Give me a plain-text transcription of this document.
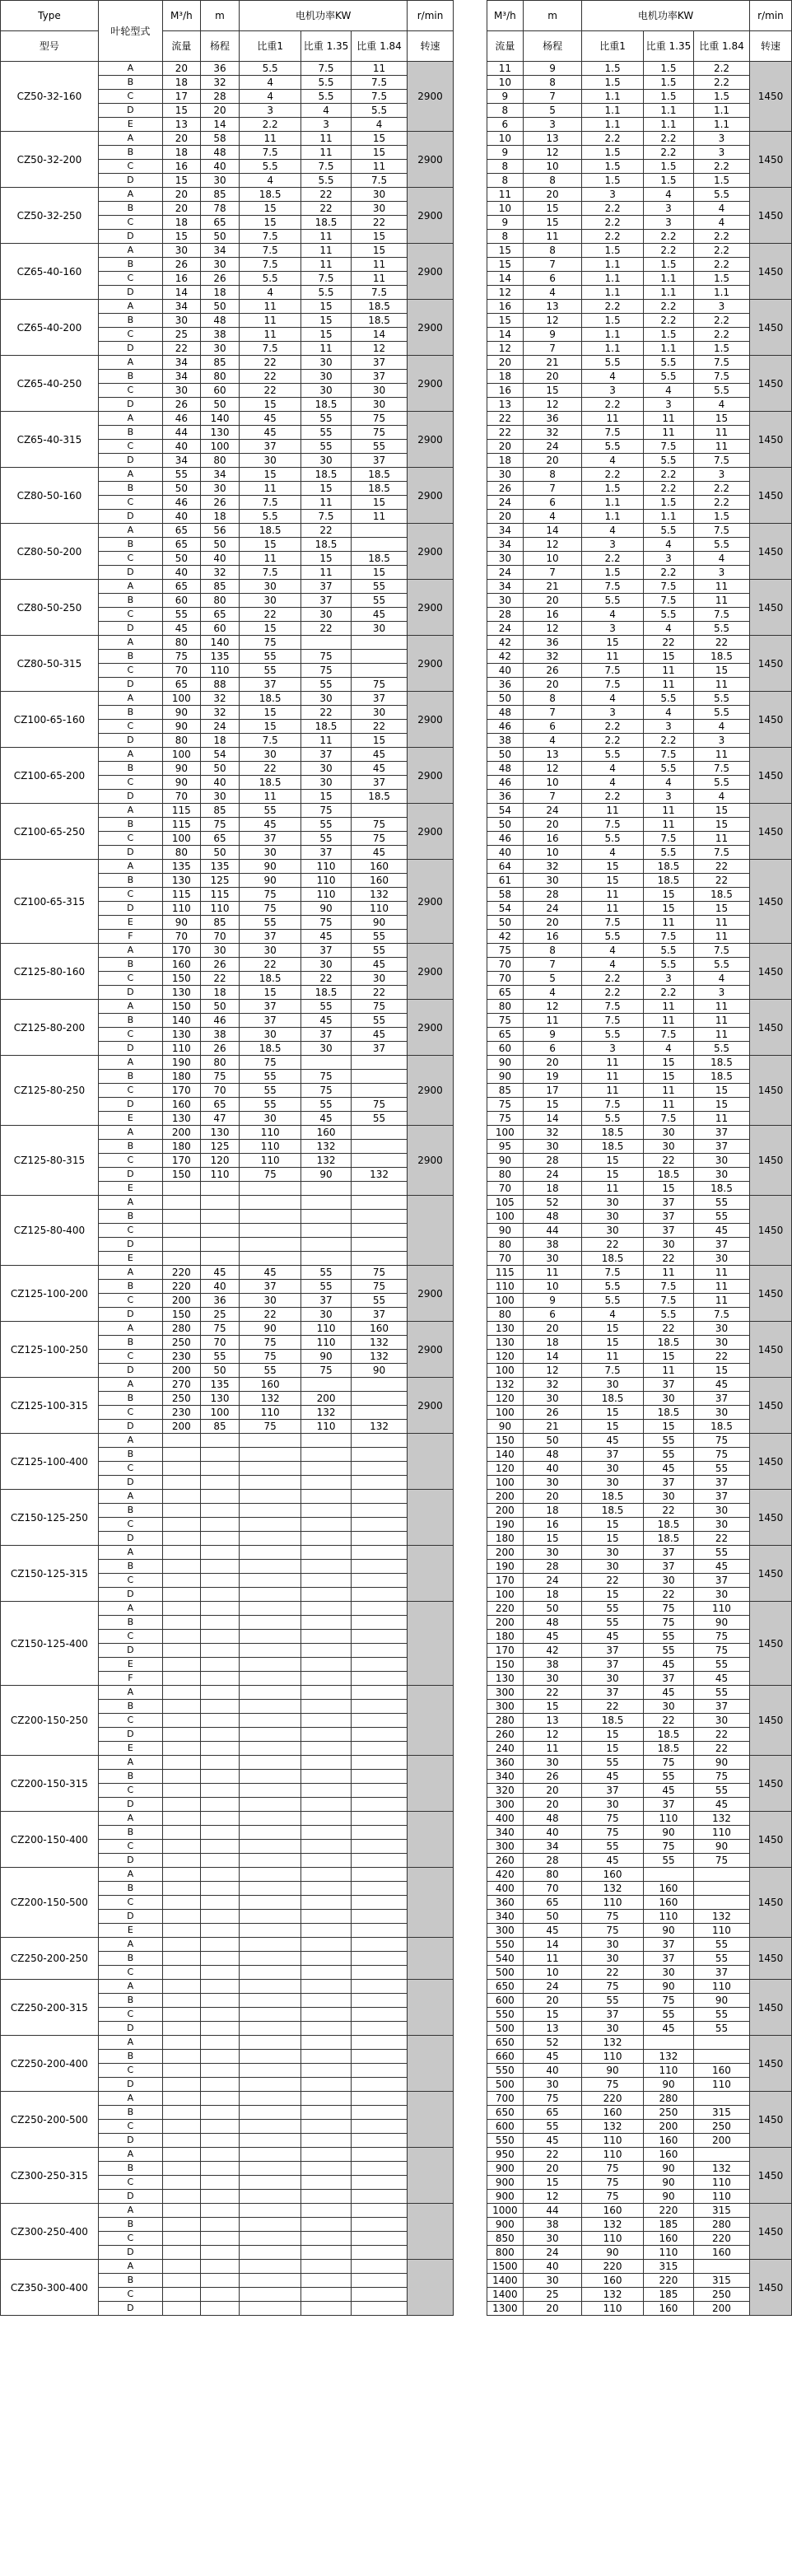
Type	叶轮型式	M³/h	m	电机功率KW			r/min		M³/h	m	电机功率KW			r/min
型号		流量	杨程	比重1	比重 1.35	比重 1.84	转速		流量	杨程	比重1	比重 1.35	比重 1.84	转速
CZ50-32-160	A	20	36	5.5	7.5	11	2900		11	9	1.5	1.5	2.2	1450
	B	18	32	4	5.5	7.5			10	8	1.5	1.5	2.2	
	C	17	28	4	5.5	7.5			9	7	1.1	1.5	1.5	
	D	15	20	3	4	5.5			8	5	1.1	1.1	1.1	
	E	13	14	2.2	3	4			6	3	1.1	1.1	1.1	
CZ50-32-200	A	20	58	11	11	15	2900		10	13	2.2	2.2	3	1450
	B	18	48	7.5	11	15			9	12	1.5	2.2	3	
	C	16	40	5.5	7.5	11			8	10	1.5	1.5	2.2	
	D	15	30	4	5.5	7.5			8	8	1.5	1.5	1.5	
CZ50-32-250	A	20	85	18.5	22	30	2900		11	20	3	4	5.5	1450
	B	20	78	15	22	30			10	15	2.2	3	4	
	C	18	65	15	18.5	22			9	15	2.2	3	4	
	D	15	50	7.5	11	15			8	11	2.2	2.2	2.2	
CZ65-40-160	A	30	34	7.5	11	15	2900		15	8	1.5	2.2	2.2	1450
	B	26	30	7.5	11	11			15	7	1.1	1.5	2.2	
	C	16	26	5.5	7.5	11			14	6	1.1	1.1	1.5	
	D	14	18	4	5.5	7.5			12	4	1.1	1.1	1.1	
CZ65-40-200	A	34	50	11	15	18.5	2900		16	13	2.2	2.2	3	1450
	B	30	48	11	15	18.5			15	12	1.5	2.2	2.2	
	C	25	38	11	15	14			14	9	1.1	1.5	2.2	
	D	22	30	7.5	11	12			12	7	1.1	1.1	1.5	
CZ65-40-250	A	34	85	22	30	37	2900		20	21	5.5	5.5	7.5	1450
	B	34	80	22	30	37			18	20	4	5.5	7.5	
	C	30	60	22	30	30			16	15	3	4	5.5	
	D	26	50	15	18.5	30			13	12	2.2	3	4	
CZ65-40-315	A	46	140	45	55	75	2900		22	36	11	11	15	1450
	B	44	130	45	55	75			22	32	7.5	11	11	
	C	40	100	37	55	55			20	24	5.5	7.5	11	
	D	34	80	30	30	37			18	20	4	5.5	7.5	
CZ80-50-160	A	55	34	15	18.5	18.5	2900		30	8	2.2	2.2	3	1450
	B	50	30	11	15	18.5			26	7	1.5	2.2	2.2	
	C	46	26	7.5	11	15			24	6	1.1	1.5	2.2	
	D	40	18	5.5	7.5	11			20	4	1.1	1.1	1.5	
CZ80-50-200	A	65	56	18.5	22		2900		34	14	4	5.5	7.5	1450
	B	65	50	15	18.5				34	12	3	4	5.5	
	C	50	40	11	15	18.5			30	10	2.2	3	4	
	D	40	32	7.5	11	15			24	7	1.5	2.2	3	
CZ80-50-250	A	65	85	30	37	55	2900		34	21	7.5	7.5	11	1450
	B	60	80	30	37	55			30	20	5.5	7.5	11	
	C	55	65	22	30	45			28	16	4	5.5	7.5	
	D	45	60	15	22	30			24	12	3	4	5.5	
CZ80-50-315	A	80	140	75			2900		42	36	15	22	22	1450
	B	75	135	55	75				42	32	11	15	18.5	
	C	70	110	55	75				40	26	7.5	11	15	
	D	65	88	37	55	75			36	20	7.5	11	11	
CZ100-65-160	A	100	32	18.5	30	37	2900		50	8	4	5.5	5.5	1450
	B	90	32	15	22	30			48	7	3	4	5.5	
	C	90	24	15	18.5	22			46	6	2.2	3	4	
	D	80	18	7.5	11	15			38	4	2.2	2.2	3	
CZ100-65-200	A	100	54	30	37	45	2900		50	13	5.5	7.5	11	1450
	B	90	50	22	30	45			48	12	4	5.5	7.5	
	C	90	40	18.5	30	37			46	10	4	4	5.5	
	D	70	30	11	15	18.5			36	7	2.2	3	4	
CZ100-65-250	A	115	85	55	75		2900		54	24	11	11	15	1450
	B	115	75	45	55	75			50	20	7.5	11	15	
	C	100	65	37	55	75			46	16	5.5	7.5	11	
	D	80	50	30	37	45			40	10	4	5.5	7.5	
CZ100-65-315	A	135	135	90	110	160	2900		64	32	15	18.5	22	1450
	B	130	125	90	110	160			61	30	15	18.5	22	
	C	115	115	75	110	132			58	28	11	15	18.5	
	D	110	110	75	90	110			54	24	11	15	15	
	E	90	85	55	75	90			50	20	7.5	11	11	
	F	70	70	37	45	55			42	16	5.5	7.5	11	
CZ125-80-160	A	170	30	30	37	55	2900		75	8	4	5.5	7.5	1450
	B	160	26	22	30	45			70	7	4	5.5	5.5	
	C	150	22	18.5	22	30			70	5	2.2	3	4	
	D	130	18	15	18.5	22			65	4	2.2	2.2	3	
CZ125-80-200	A	150	50	37	55	75	2900		80	12	7.5	11	11	1450
	B	140	46	37	45	55			75	11	7.5	11	11	
	C	130	38	30	37	45			65	9	5.5	7.5	11	
	D	110	26	18.5	30	37			60	6	3	4	5.5	
CZ125-80-250	A	190	80	75			2900		90	20	11	15	18.5	1450
	B	180	75	55	75				90	19	11	15	18.5	
	C	170	70	55	75				85	17	11	11	15	
	D	160	65	55	55	75			75	15	7.5	11	15	
	E	130	47	30	45	55			75	14	5.5	7.5	11	
CZ125-80-315	A	200	130	110	160		2900		100	32	18.5	30	37	1450
	B	180	125	110	132				95	30	18.5	30	37	
	C	170	120	110	132				90	28	15	22	30	
	D	150	110	75	90	132			80	24	15	18.5	30	
	E								70	18	11	15	18.5	
CZ125-80-400	A								105	52	30	37	55	1450
	B								100	48	30	37	55	
	C								90	44	30	37	45	
	D								80	38	22	30	37	
	E								70	30	18.5	22	30	
CZ125-100-200	A	220	45	45	55	75	2900		115	11	7.5	11	11	1450
	B	220	40	37	55	75			110	10	5.5	7.5	11	
	C	200	36	30	37	55			100	9	5.5	7.5	11	
	D	150	25	22	30	37			80	6	4	5.5	7.5	
CZ125-100-250	A	280	75	90	110	160	2900		130	20	15	22	30	1450
	B	250	70	75	110	132			130	18	15	18.5	30	
	C	230	55	75	90	132			120	14	11	15	22	
	D	200	50	55	75	90			100	12	7.5	11	15	
CZ125-100-315	A	270	135	160			2900		132	32	30	37	45	1450
	B	250	130	132	200				120	30	18.5	30	37	
	C	230	100	110	132				100	26	15	18.5	30	
	D	200	85	75	110	132			90	21	15	15	18.5	
CZ125-100-400	A								150	50	45	55	75	1450
	B								140	48	37	55	75	
	C								120	40	30	45	55	
	D								100	30	30	37	37	
CZ150-125-250	A								200	20	18.5	30	37	1450
	B								200	18	18.5	22	30	
	C								190	16	15	18.5	30	
	D								180	15	15	18.5	22	
CZ150-125-315	A								200	30	30	37	55	1450
	B								190	28	30	37	45	
	C								170	24	22	30	37	
	D								100	18	15	22	30	
CZ150-125-400	A								220	50	55	75	110	1450
	B								200	48	55	75	90	
	C								180	45	45	55	75	
	D								170	42	37	55	75	
	E								150	38	37	45	55	
	F								130	30	30	37	45	
CZ200-150-250	A								300	22	37	45	55	1450
	B								300	15	22	30	37	
	C								280	13	18.5	22	30	
	D								260	12	15	18.5	22	
	E								240	11	15	18.5	22	
CZ200-150-315	A								360	30	55	75	90	1450
	B								340	26	45	55	75	
	C								320	20	37	45	55	
	D								300	20	30	37	45	
CZ200-150-400	A								400	48	75	110	132	1450
	B								340	40	75	90	110	
	C								300	34	55	75	90	
	D								260	28	45	55	75	
CZ200-150-500	A								420	80	160			1450
	B								400	70	132	160		
	C								360	65	110	160		
	D								340	50	75	110	132	
	E								300	45	75	90	110	
CZ250-200-250	A								550	14	30	37	55	1450
	B								540	11	30	37	55	
	C								500	10	22	30	37	
CZ250-200-315	A								650	24	75	90	110	1450
	B								600	20	55	75	90	
	C								550	15	37	55	55	
	D								500	13	30	45	55	
CZ250-200-400	A								650	52	132			1450
	B								660	45	110	132		
	C								550	40	90	110	160	
	D								500	30	75	90	110	
CZ250-200-500	A								700	75	220	280		1450
	B								650	65	160	250	315	
	C								600	55	132	200	250	
	D								550	45	110	160	200	
CZ300-250-315	A								950	22	110	160		1450
	B								900	20	75	90	132	
	C								900	15	75	90	110	
	D								900	12	75	90	110	
CZ300-250-400	A								1000	44	160	220	315	1450
	B								900	38	132	185	280	
	C								850	30	110	160	220	
	D								800	24	90	110	160	
CZ350-300-400	A								1500	40	220	315		1450
	B								1400	30	160	220	315	
	C								1400	25	132	185	250	
	D								1300	20	110	160	200	
